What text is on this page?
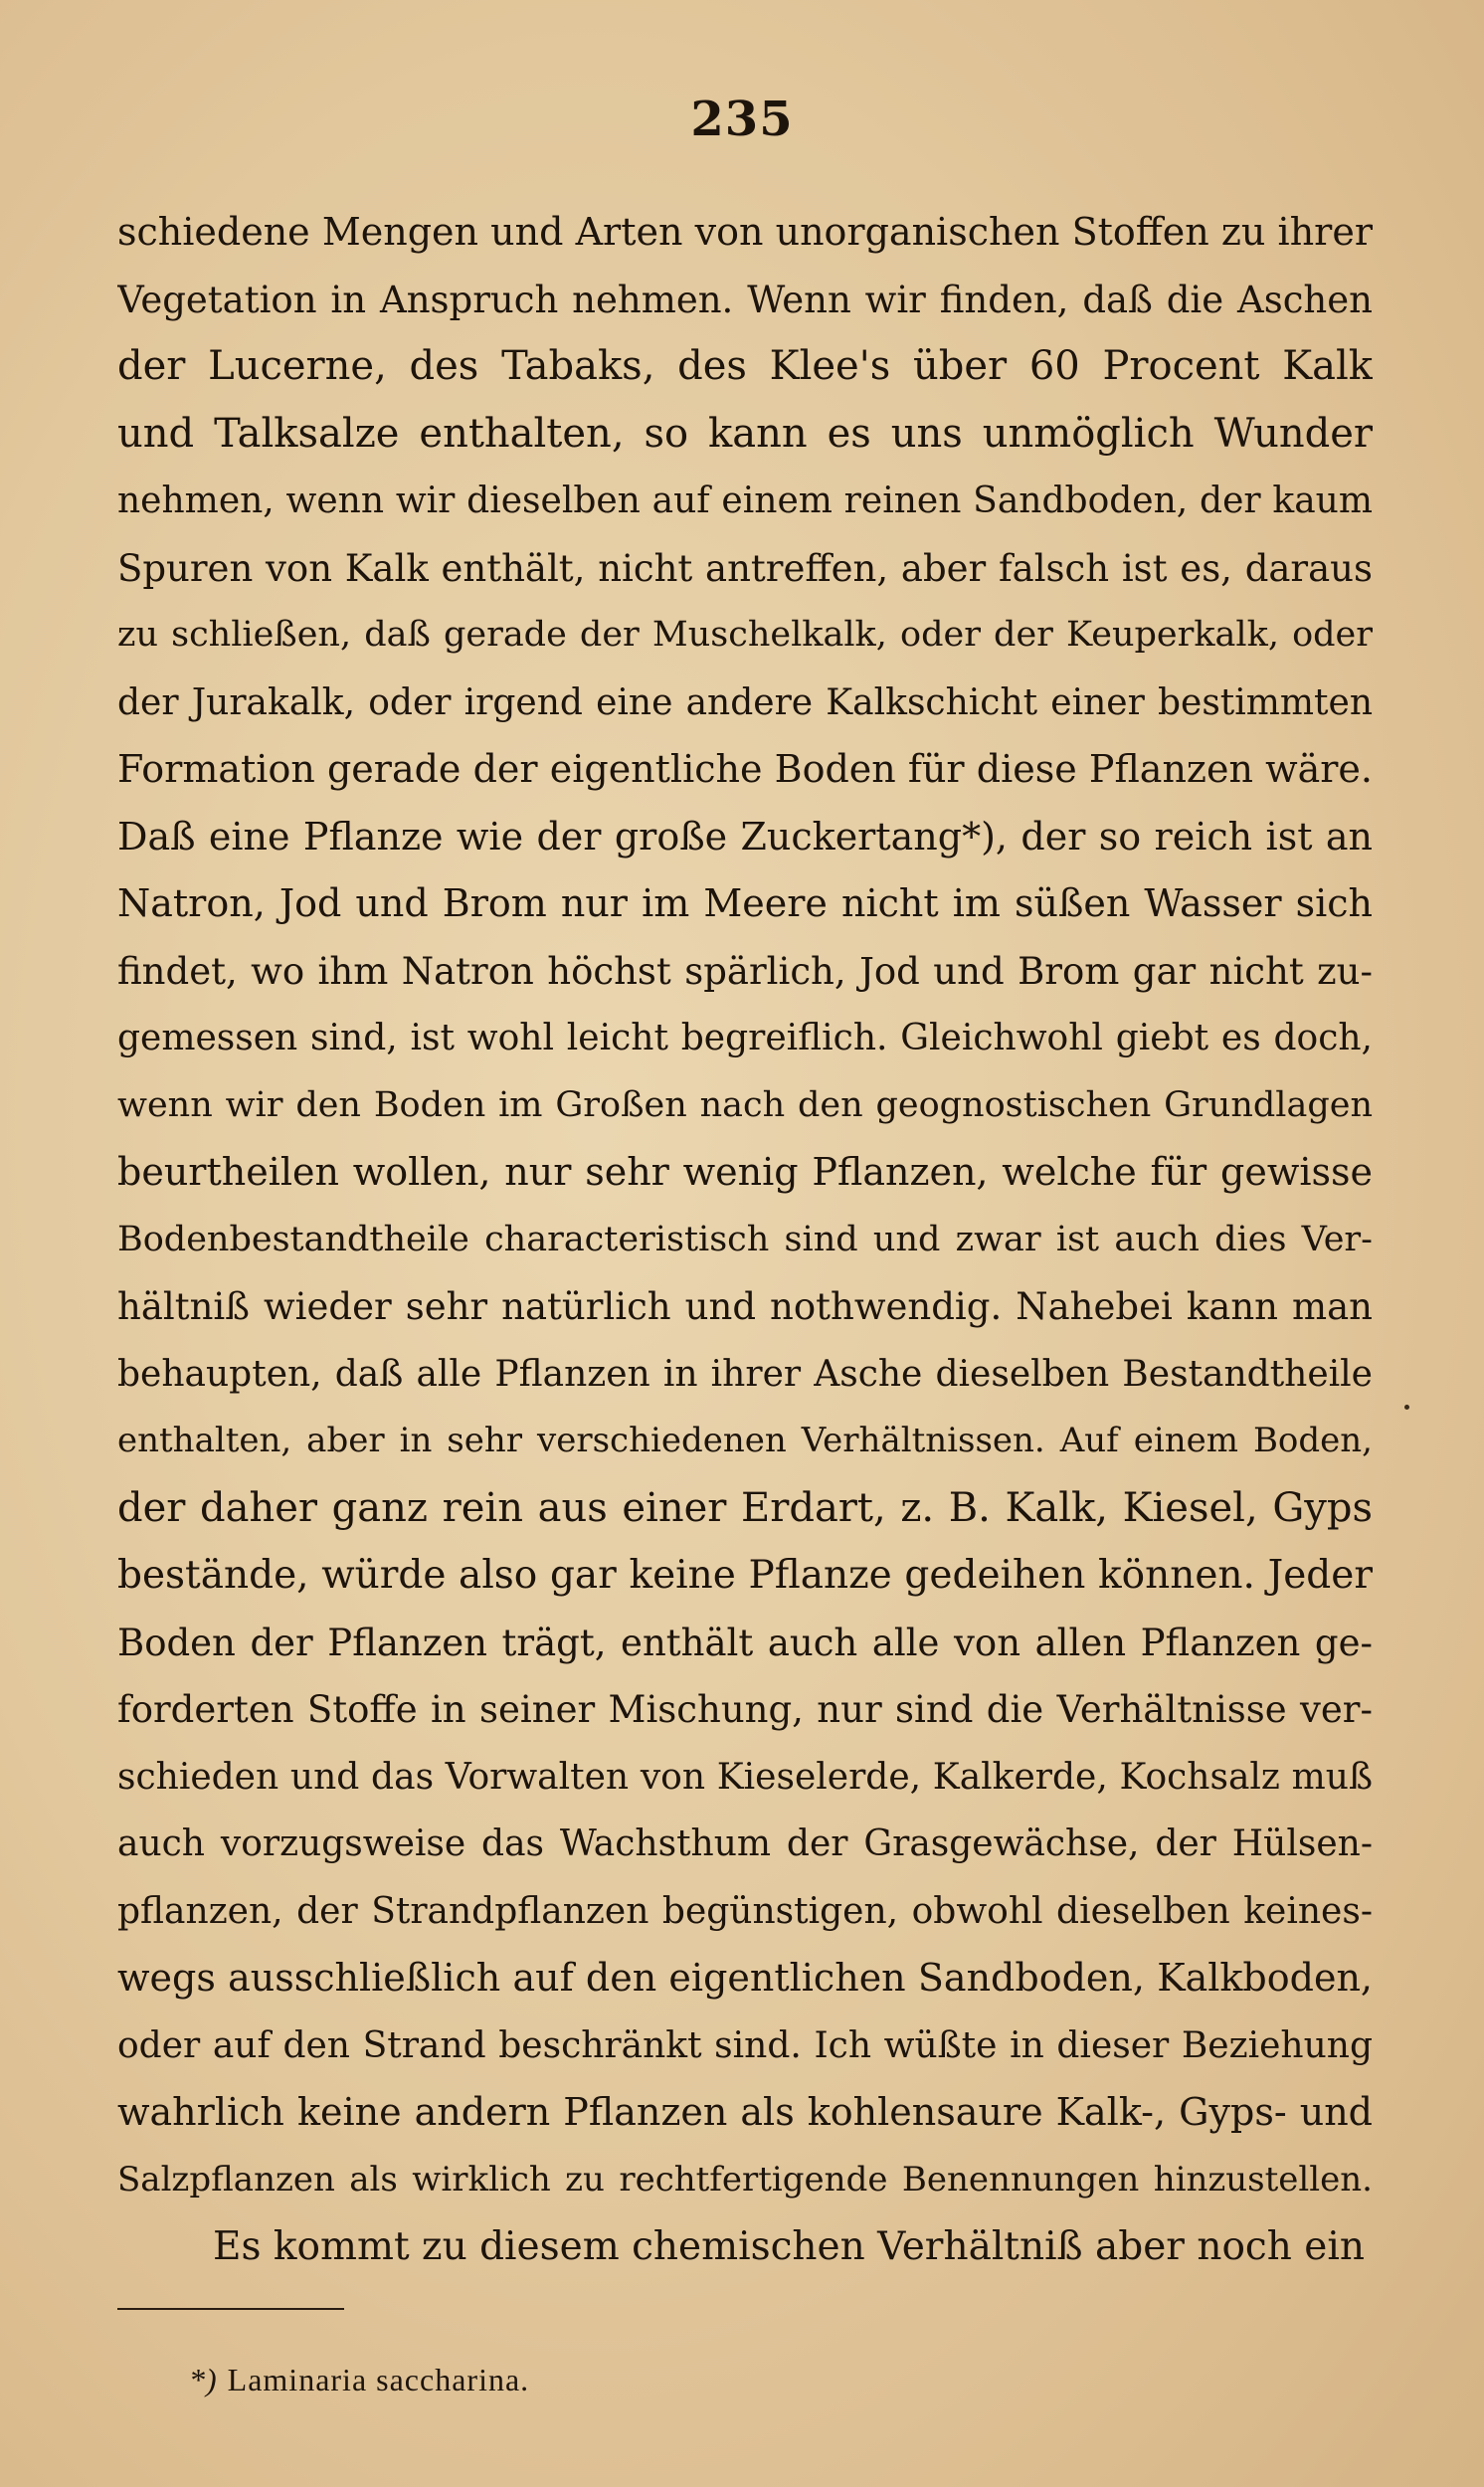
235
schiedene Mengen und Arten von unorganischen Stoffen zu ihrer
Vegetation in Anspruch nehmen. Wenn wir finden, daß die Aschen
der Lucerne, des Tabaks, des Klee's über 60 Procent Kalk
und Talksalze enthalten, so kann es uns unmöglich Wunder
nehmen, wenn wir dieselben auf einem reinen Sandboden, der kaum
Spuren von Kalk enthält, nicht antreffen, aber falsch ist es, daraus
zu schließen, daß gerade der Muschelkalk, oder der Keuperkalk, oder
der Jurakalk, oder irgend eine andere Kalkschicht einer bestimmten
Formation gerade der eigentliche Boden für diese Pflanzen wäre.
Daß eine Pflanze wie der große Zuckertang*), der so reich ist an
Natron, Jod und Brom nur im Meere nicht im süßen Wasser sich
findet, wo ihm Natron höchst spärlich, Jod und Brom gar nicht zu-
gemessen sind, ist wohl leicht begreiflich. Gleichwohl giebt es doch,
wenn wir den Boden im Großen nach den geognostischen Grundlagen
beurtheilen wollen, nur sehr wenig Pflanzen, welche für gewisse
Bodenbestandtheile characteristisch sind und zwar ist auch dies Ver-
hältniß wieder sehr natürlich und nothwendig. Nahebei kann man
behaupten, daß alle Pflanzen in ihrer Asche dieselben Bestandtheile
enthalten, aber in sehr verschiedenen Verhältnissen. Auf einem Boden,
der daher ganz rein aus einer Erdart, z. B. Kalk, Kiesel, Gyps
bestände, würde also gar keine Pflanze gedeihen können. Jeder
Boden der Pflanzen trägt, enthält auch alle von allen Pflanzen ge-
forderten Stoffe in seiner Mischung, nur sind die Verhältnisse ver-
schieden und das Vorwalten von Kieselerde, Kalkerde, Kochsalz muß
auch vorzugsweise das Wachsthum der Grasgewächse, der Hülsen-
pflanzen, der Strandpflanzen begünstigen, obwohl dieselben keines-
wegs ausschließlich auf den eigentlichen Sandboden, Kalkboden,
oder auf den Strand beschränkt sind. Ich wüßte in dieser Beziehung
wahrlich keine andern Pflanzen als kohlensaure Kalk-, Gyps- und
Salzpflanzen als wirklich zu rechtfertigende Benennungen hinzustellen.
Es kommt zu diesem chemischen Verhältniß aber noch ein
*) Laminaria saccharina.
